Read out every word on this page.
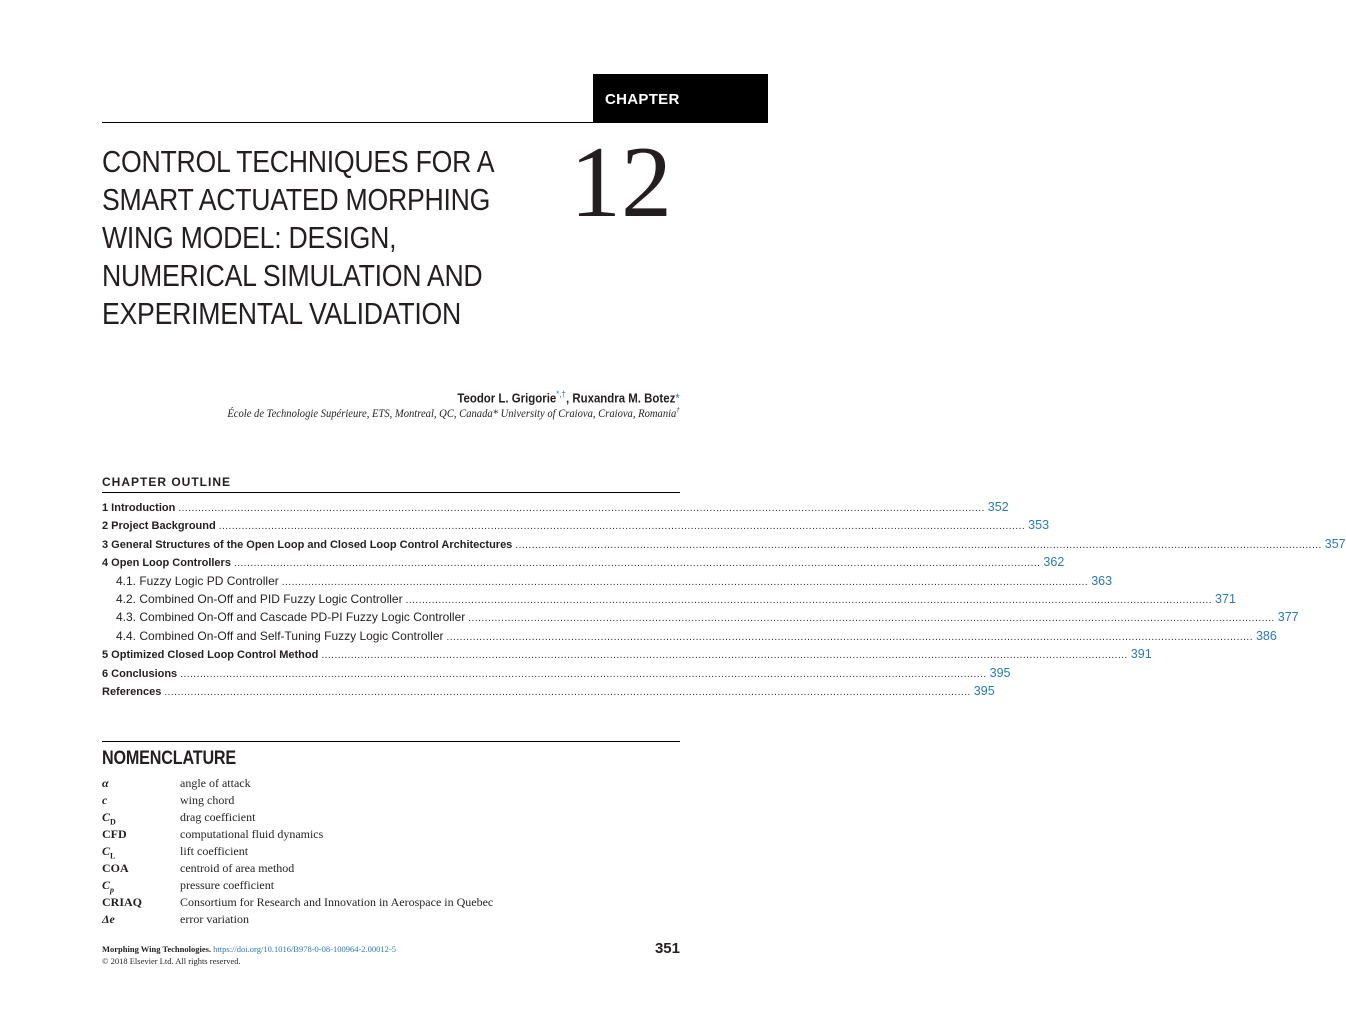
CHAPTER
CONTROL TECHNIQUES FOR A
SMART ACTUATED MORPHING
WING MODEL: DESIGN,
NUMERICAL SIMULATION AND
EXPERIMENTAL VALIDATION
12
Teodor L. Grigorie*,†, Ruxandra M. Botez*
École de Technologie Supérieure, ETS, Montreal, QC, Canada* University of Craiova, Craiova, Romania†
CHAPTER OUTLINE
1 Introduction ...................................................................................................................................................................................................................................................... 352
2 Project Background ...................................................................................................................................................................................................................................................... 353
3 General Structures of the Open Loop and Closed Loop Control Architectures ...................................................................................................................................................................................................................................................... 357
4 Open Loop Controllers ...................................................................................................................................................................................................................................................... 362
4.1. Fuzzy Logic PD Controller ...................................................................................................................................................................................................................................................... 363
4.2. Combined On-Off and PID Fuzzy Logic Controller ...................................................................................................................................................................................................................................................... 371
4.3. Combined On-Off and Cascade PD-PI Fuzzy Logic Controller ...................................................................................................................................................................................................................................................... 377
4.4. Combined On-Off and Self-Tuning Fuzzy Logic Controller ...................................................................................................................................................................................................................................................... 386
5 Optimized Closed Loop Control Method ...................................................................................................................................................................................................................................................... 391
6 Conclusions ...................................................................................................................................................................................................................................................... 395
References ...................................................................................................................................................................................................................................................... 395
NOMENCLATURE
α	angle of attack
c	wing chord
$C_D$	drag coefficient
CFD	computational fluid dynamics
$C_L$	lift coefficient
COA	centroid of area method
$C_p$	pressure coefficient
CRIAQ	Consortium for Research and Innovation in Aerospace in Quebec
Δe	error variation
Morphing Wing Technologies. https://doi.org/10.1016/B978-0-08-100964-2.00012-5
© 2018 Elsevier Ltd. All rights reserved.
351
